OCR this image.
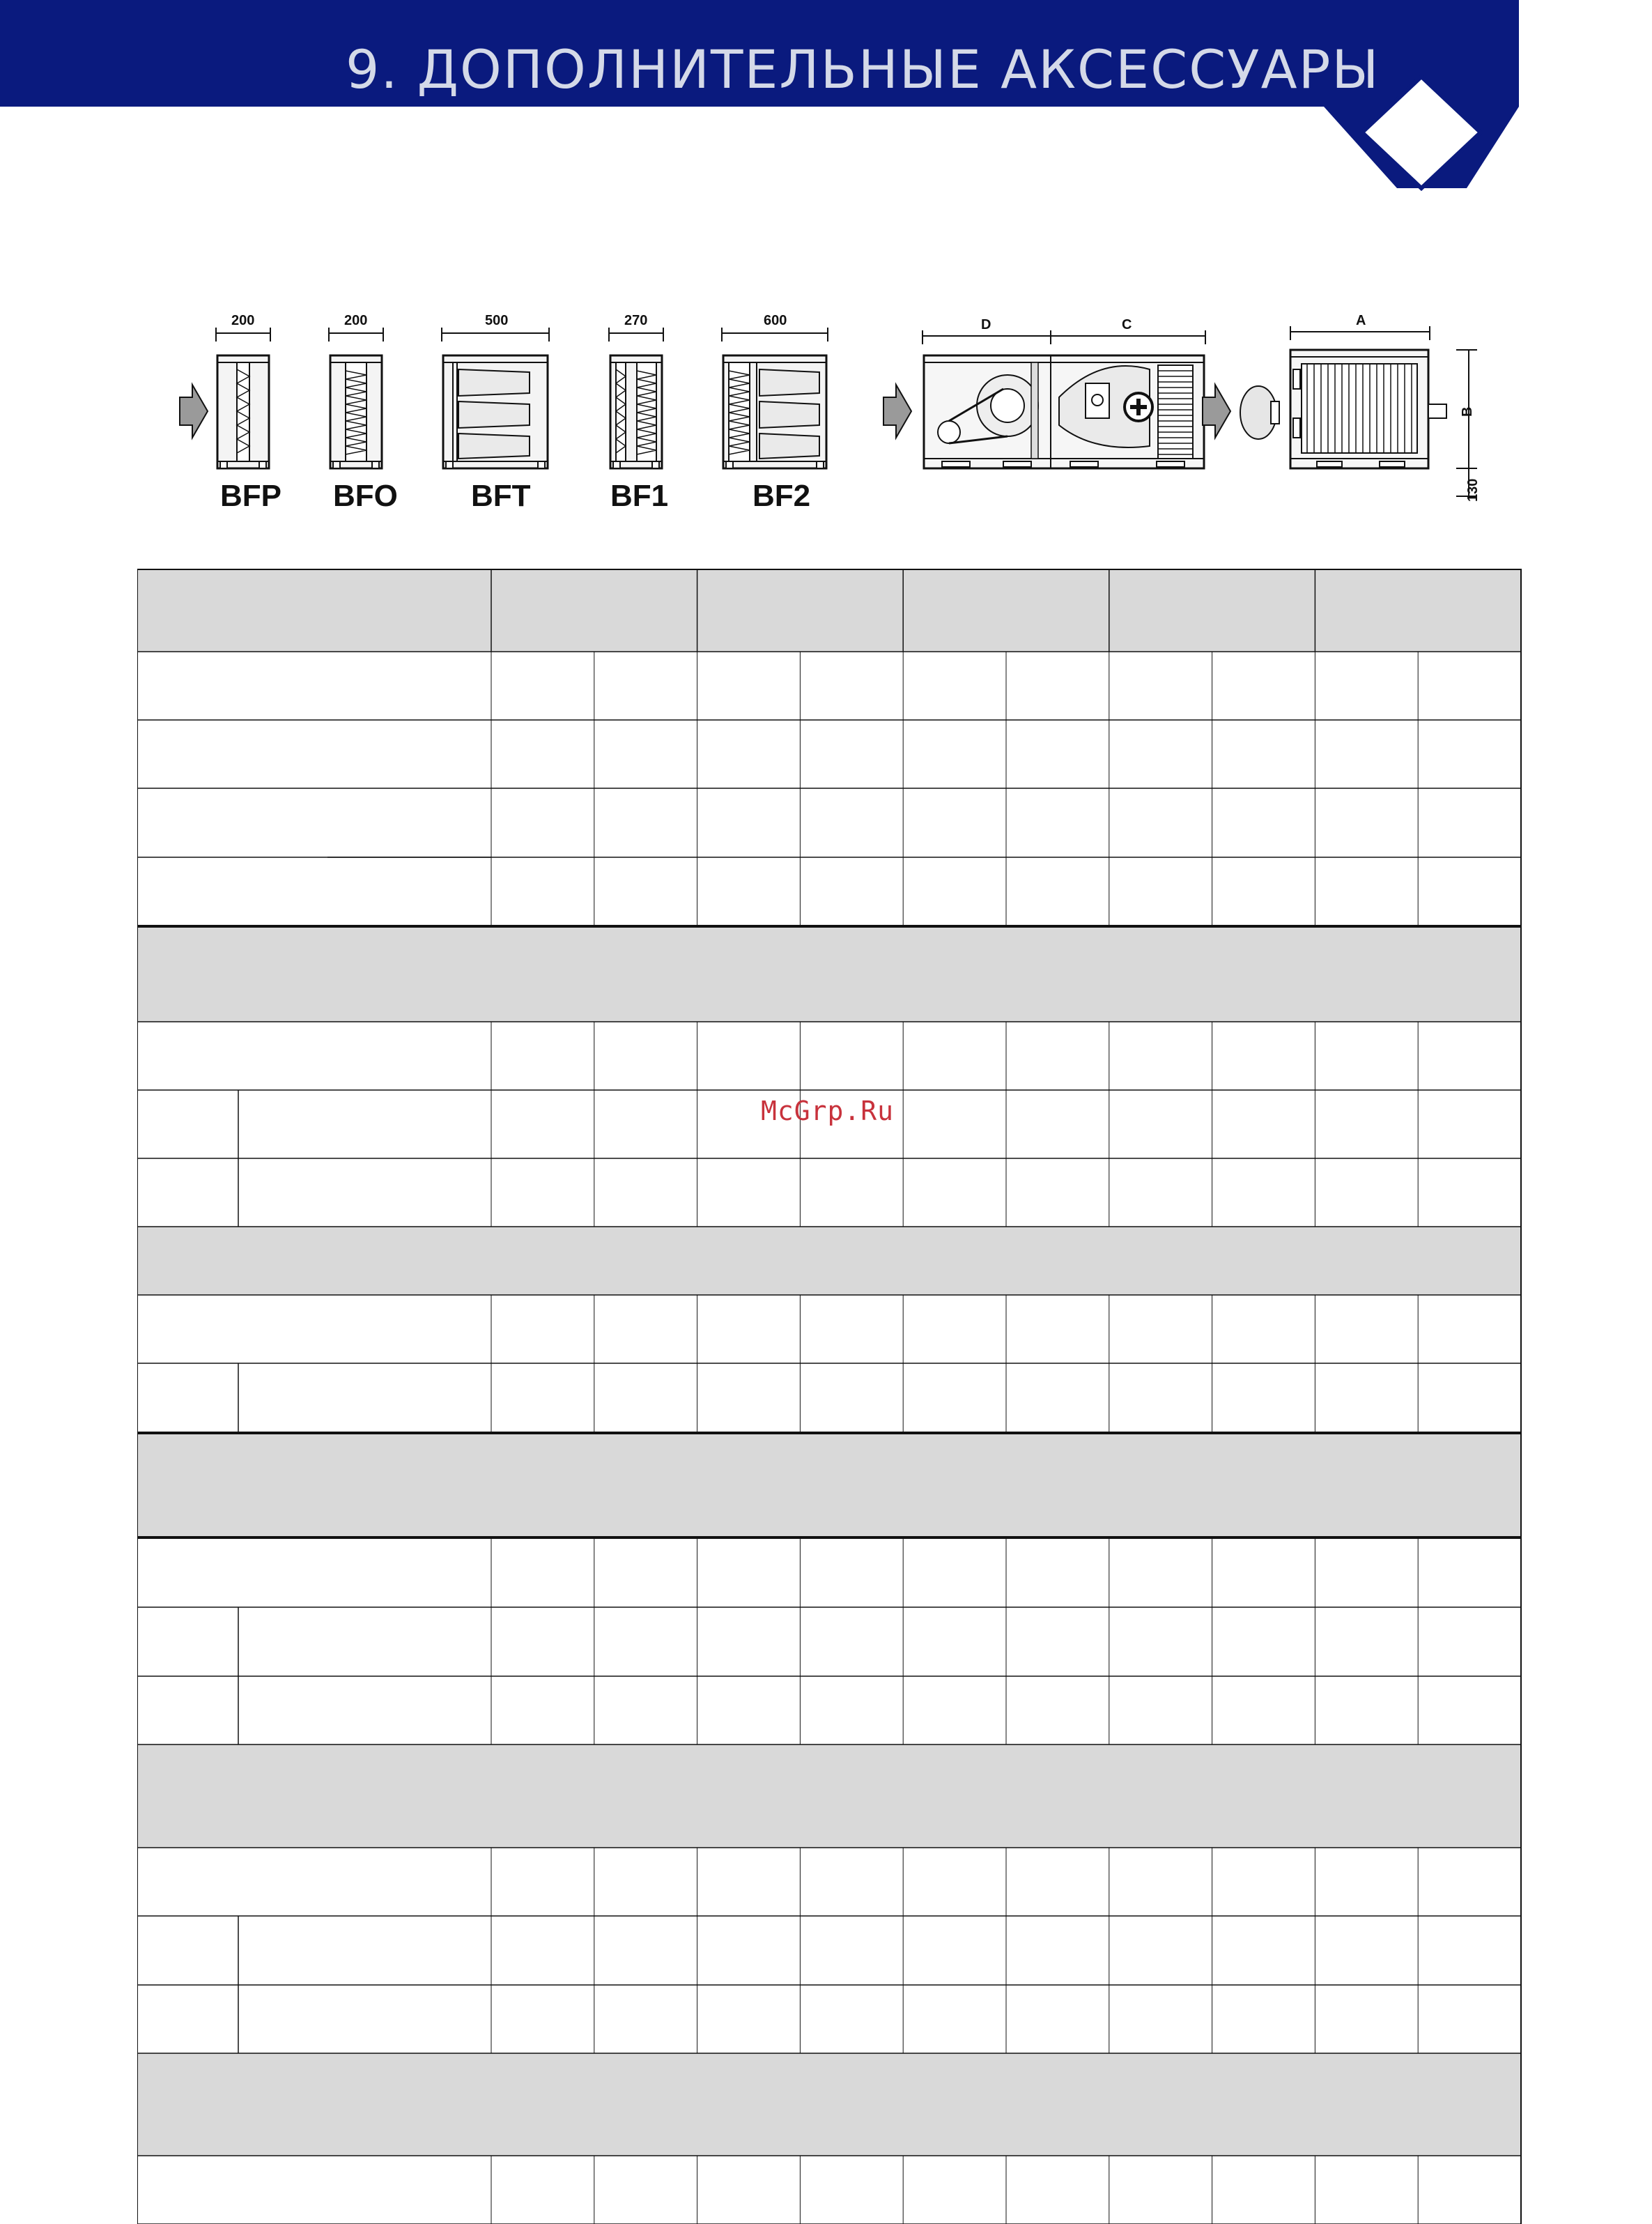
9. ДОПОЛНИТЕЛЬНЫЕ АКСЕССУАРЫ
200
BFP
200
BFO
500
BFT
270
BF1
600
BF2
D	C	A
B
130
McGrp.Ru
